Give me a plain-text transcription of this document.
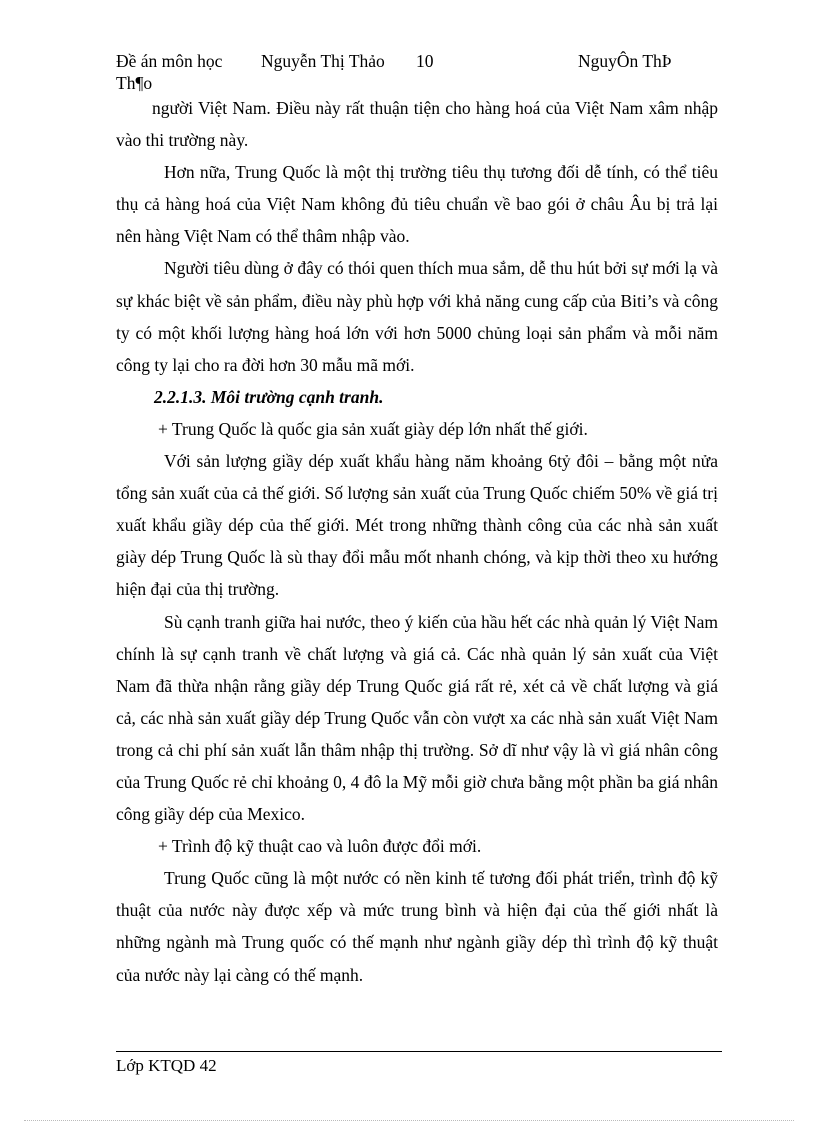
Đề án môn học Nguyễn Thị Thảo 10	NguyÔn ThÞ
Th¶o

người Việt Nam. Điều này rất thuận tiện cho hàng hoá của Việt Nam xâm nhập vào thi trường này.

Hơn nữa, Trung Quốc là một thị trường tiêu thụ tương đối dễ tính, có thể tiêu thụ cả hàng hoá của Việt Nam không đủ tiêu chuẩn về bao gói ở châu Âu bị trả lại nên hàng Việt Nam có thể thâm nhập vào.

Người tiêu dùng ở đây có thói quen thích mua sắm, dễ thu hút bởi sự mới lạ và sự khác biệt về sản phẩm, điều này phù hợp với khả năng cung cấp của Biti’s và công ty có một khối lượng hàng hoá lớn với hơn 5000 chủng loại sản phẩm và mỗi năm công ty lại cho ra đời hơn 30 mẫu mã mới.

2.2.1.3. Môi trường cạnh tranh.

+ Trung Quốc là quốc gia sản xuất giày dép lớn nhất thế giới.

Với sản lượng giầy dép xuất khẩu hàng năm khoảng 6tỷ đôi – bằng một nửa tổng sản xuất của cả thế giới. Số lượng sản xuất của Trung Quốc chiếm 50% về giá trị xuất khẩu giầy dép của thế giới. Mét trong những thành công của các nhà sản xuất giày dép Trung Quốc là sù thay đổi mẫu mốt nhanh chóng, và kịp thời theo xu hướng hiện đại của thị trường.

Sù cạnh tranh giữa hai nước, theo ý kiến của hầu hết các nhà quản lý Việt Nam chính là sự cạnh tranh về chất lượng và giá cả. Các nhà quản lý sản xuất của Việt Nam đã thừa nhận rằng giầy dép Trung Quốc giá rất rẻ, xét cả về chất lượng và giá cả, các nhà sản xuất giầy dép Trung Quốc vẫn còn vượt xa các nhà sản xuất Việt Nam trong cả chi phí sản xuất lẫn thâm nhập thị trường. Sở dĩ như vậy là vì giá nhân công của Trung Quốc rẻ chỉ khoảng 0, 4 đô la Mỹ mỗi giờ chưa bằng một phần ba giá nhân công giầy dép của Mexico.

+ Trình độ kỹ thuật cao và luôn được đổi mới.

Trung Quốc cũng là một nước có nền kinh tế tương đối phát triển, trình độ kỹ thuật của nước này được xếp và mức trung bình và hiện đại của thế giới nhất là những ngành mà Trung quốc có thế mạnh như ngành giầy dép thì trình độ kỹ thuật của nước này lại càng có thế mạnh.

Lớp KTQD 42
